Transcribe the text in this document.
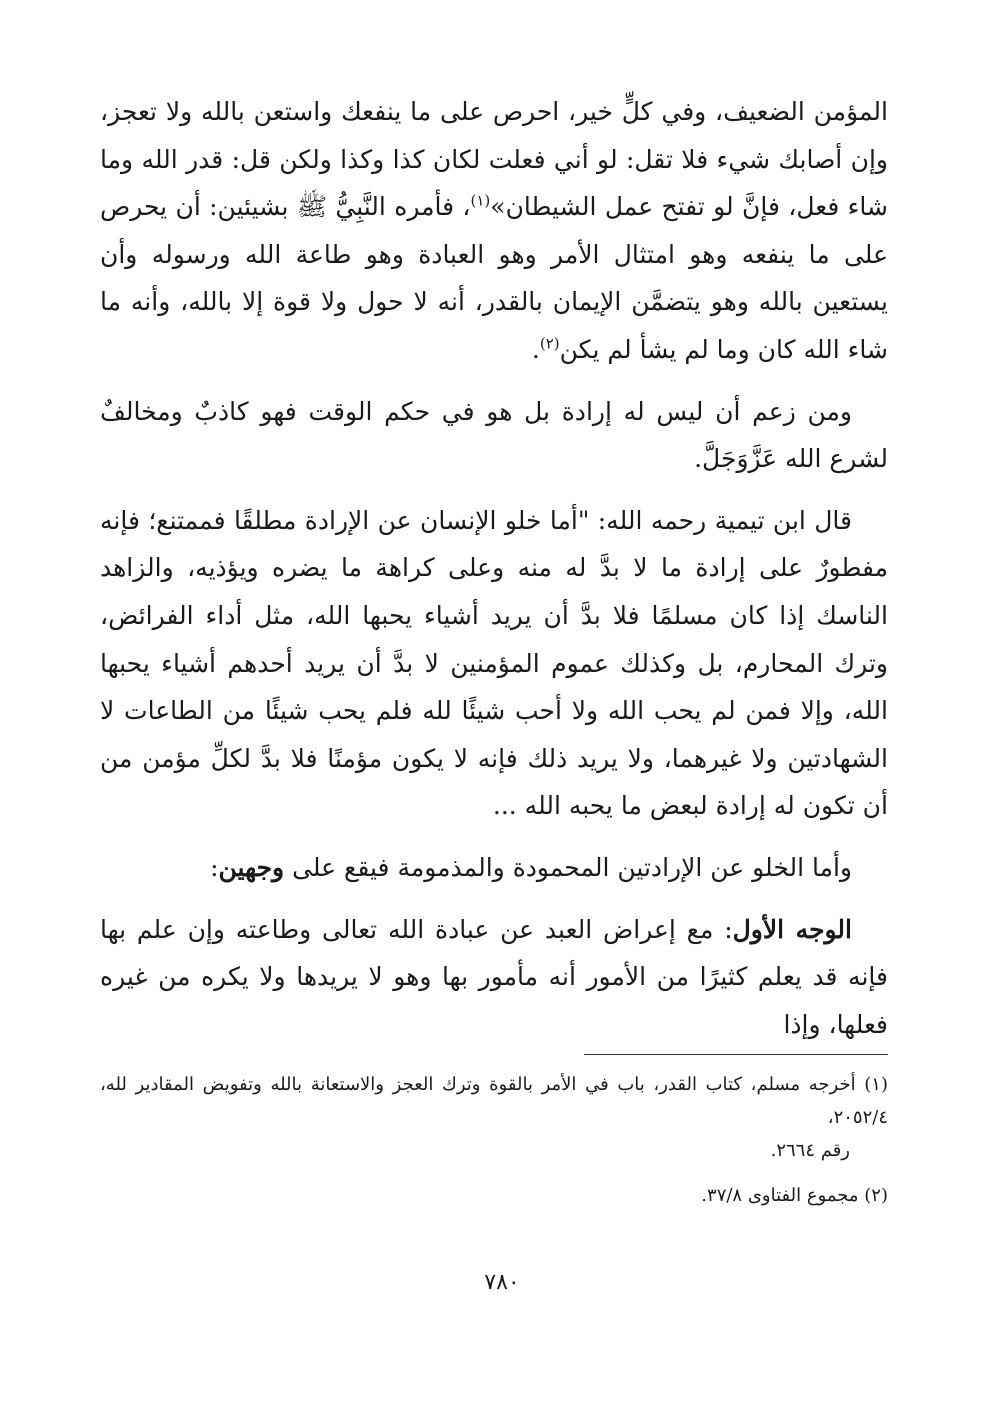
المؤمن الضعيف، وفي كلٍّ خير، احرص على ما ينفعك واستعن بالله ولا تعجز، وإن أصابك شيء فلا تقل: لو أني فعلت لكان كذا وكذا ولكن قل: قدر الله وما شاء فعل، فإنَّ لو تفتح عمل الشيطان»$^{(١)}$، فأمره النَّبِيُّ ﷺ بشيئين: أن يحرص على ما ينفعه وهو امتثال الأمر وهو العبادة وهو طاعة الله ورسوله وأن يستعين بالله وهو يتضمَّن الإيمان بالقدر، أنه لا حول ولا قوة إلا بالله، وأنه ما شاء الله كان وما لم يشأ لم يكن$^{(٢)}$.

ومن زعم أن ليس له إرادة بل هو في حكم الوقت فهو كاذبٌ ومخالفٌ لشرع الله عَزَّوَجَلَّ.

قال ابن تيمية رحمه الله: "أما خلو الإنسان عن الإرادة مطلقًا فممتنع؛ فإنه مفطورٌ على إرادة ما لا بدَّ له منه وعلى كراهة ما يضره ويؤذيه، والزاهد الناسك إذا كان مسلمًا فلا بدَّ أن يريد أشياء يحبها الله، مثل أداء الفرائض، وترك المحارم، بل وكذلك عموم المؤمنين لا بدَّ أن يريد أحدهم أشياء يحبها الله، وإلا فمن لم يحب الله ولا أحب شيئًا لله فلم يحب شيئًا من الطاعات لا الشهادتين ولا غيرهما، ولا يريد ذلك فإنه لا يكون مؤمنًا فلا بدَّ لكلِّ مؤمن من أن تكون له إرادة لبعض ما يحبه الله ...

وأما الخلو عن الإرادتين المحمودة والمذمومة فيقع على وجهين:

الوجه الأول: مع إعراض العبد عن عبادة الله تعالى وطاعته وإن علم بها فإنه قد يعلم كثيرًا من الأمور أنه مأمور بها وهو لا يريدها ولا يكره من غيره فعلها، وإذا

(١) أخرجه مسلم، كتاب القدر، باب في الأمر بالقوة وترك العجز والاستعانة بالله وتفويض المقادير لله، ٢٠٥٢/٤،

رقم ٢٦٦٤.

(٢) مجموع الفتاوى ٣٧/٨.

٧٨٠
